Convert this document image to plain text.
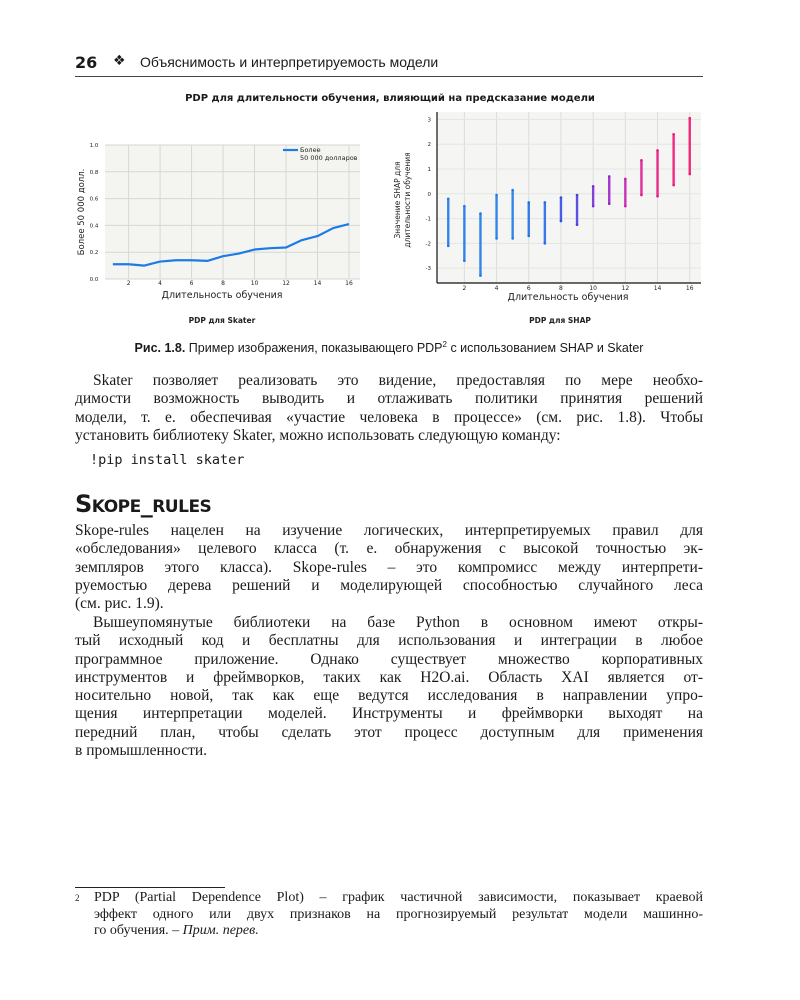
26 ❖ Объяснимость и интерпретируемость модели
PDP для длительности обучения, влияющий на предсказание модели
2	4	6	8	10	12	14	16
0.0
0.2
0.4
0.6
0.8
1.0	Более
50 000 долларов
Длительность обучения
Более 50 000 долл.
PDP для Skater
2	4	6	8	10	12	14	16
-3
-2
-1
0
1
2
3
Длительность обучения
Значение SHAP для длительности обучения
PDP для SHAP
Рис. 1.8. Пример изображения, показывающего PDP$^2$ с использованием SHAP и Skater
Skater позволяет реализовать это видение, предоставляя по мере необхо-
димости возможность выводить и отлаживать политики принятия решений
модели, т. е. обеспечивая «участие человека в процессе» (см. рис. 1.8). Чтобы
установить библиотеку Skater, можно использовать следующую команду:
!pip install skater
Skope_rules
Skope-rules нацелен на изучение логических, интерпретируемых правил для
«обследования» целевого класса (т. е. обнаружения с высокой точностью эк-
земпляров этого класса). Skope-rules – это компромисс между интерпрети-
руемостью дерева решений и моделирующей способностью случайного леса
(см. рис. 1.9).
Вышеупомянутые библиотеки на базе Python в основном имеют откры-
тый исходный код и бесплатны для использования и интеграции в любое
программное приложение. Однако существует множество корпоративных
инструментов и фреймворков, таких как H2O.ai. Область XAI является от-
носительно новой, так как еще ведутся исследования в направлении упро-
щения интерпретации моделей. Инструменты и фреймворки выходят на
передний план, чтобы сделать этот процесс доступным для применения
в промышленности.
2 PDP (Partial Dependence Plot) – график частичной зависимости, показывает краевой
эффект одного или двух признаков на прогнозируемый результат модели машинно-
го обучения. – Прим. перев.
